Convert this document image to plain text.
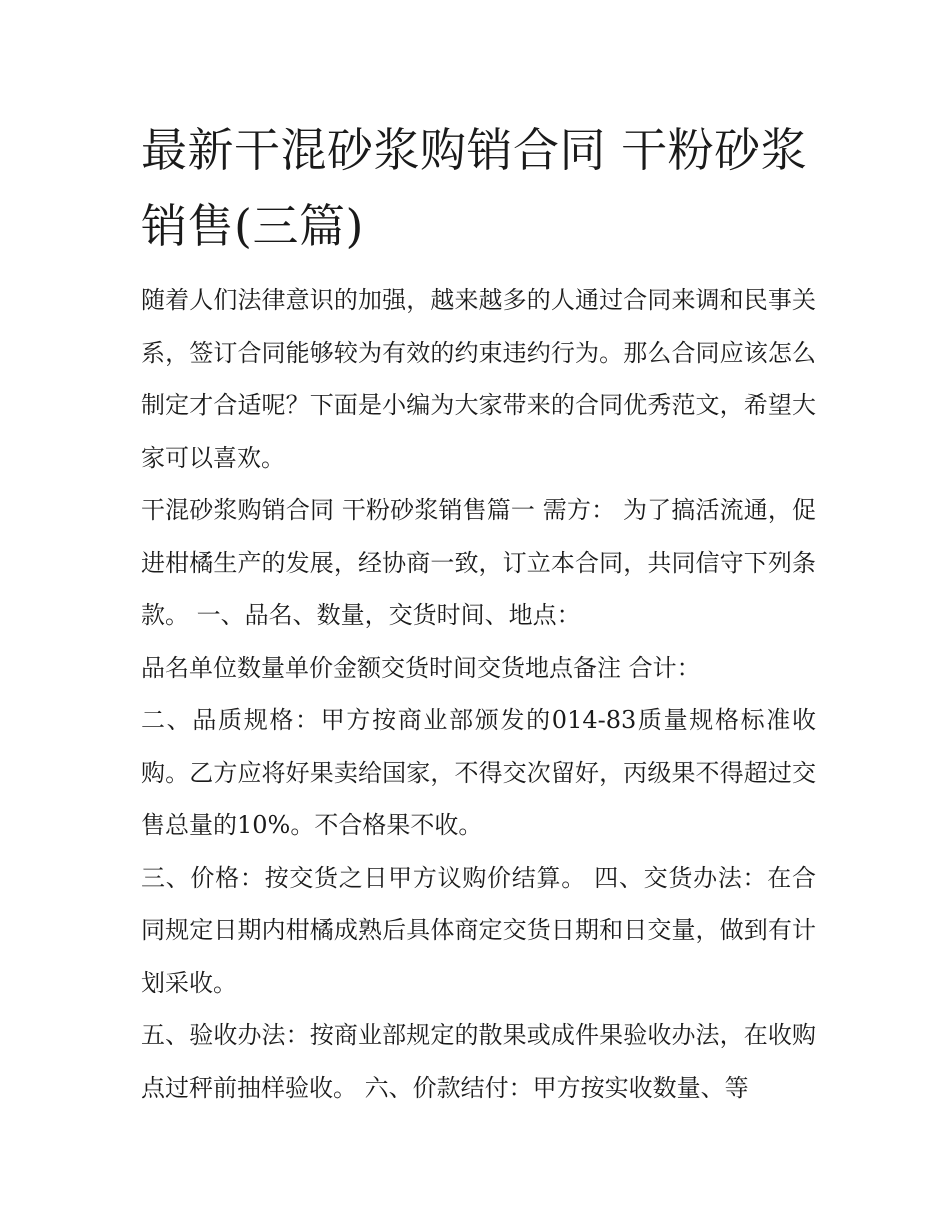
最新干混砂浆购销合同 干粉砂浆销售(三篇)

随着人们法律意识的加强，越来越多的人通过合同来调和民事关系，签订合同能够较为有效的约束违约行为。那么合同应该怎么制定才合适呢？下面是小编为大家带来的合同优秀范文，希望大家可以喜欢。

干混砂浆购销合同 干粉砂浆销售篇一 需方： 为了搞活流通，促进柑橘生产的发展，经协商一致，订立本合同，共同信守下列条款。 一、品名、数量，交货时间、地点：

品名单位数量单价金额交货时间交货地点备注 合计：

二、品质规格：甲方按商业部颁发的014-83质量规格标准收购。乙方应将好果卖给国家，不得交次留好，丙级果不得超过交售总量的10%。不合格果不收。

三、价格：按交货之日甲方议购价结算。 四、交货办法：在合同规定日期内柑橘成熟后具体商定交货日期和日交量，做到有计划采收。

五、验收办法：按商业部规定的散果或成件果验收办法，在收购点过秤前抽样验收。 六、价款结付：甲方按实收数量、等
